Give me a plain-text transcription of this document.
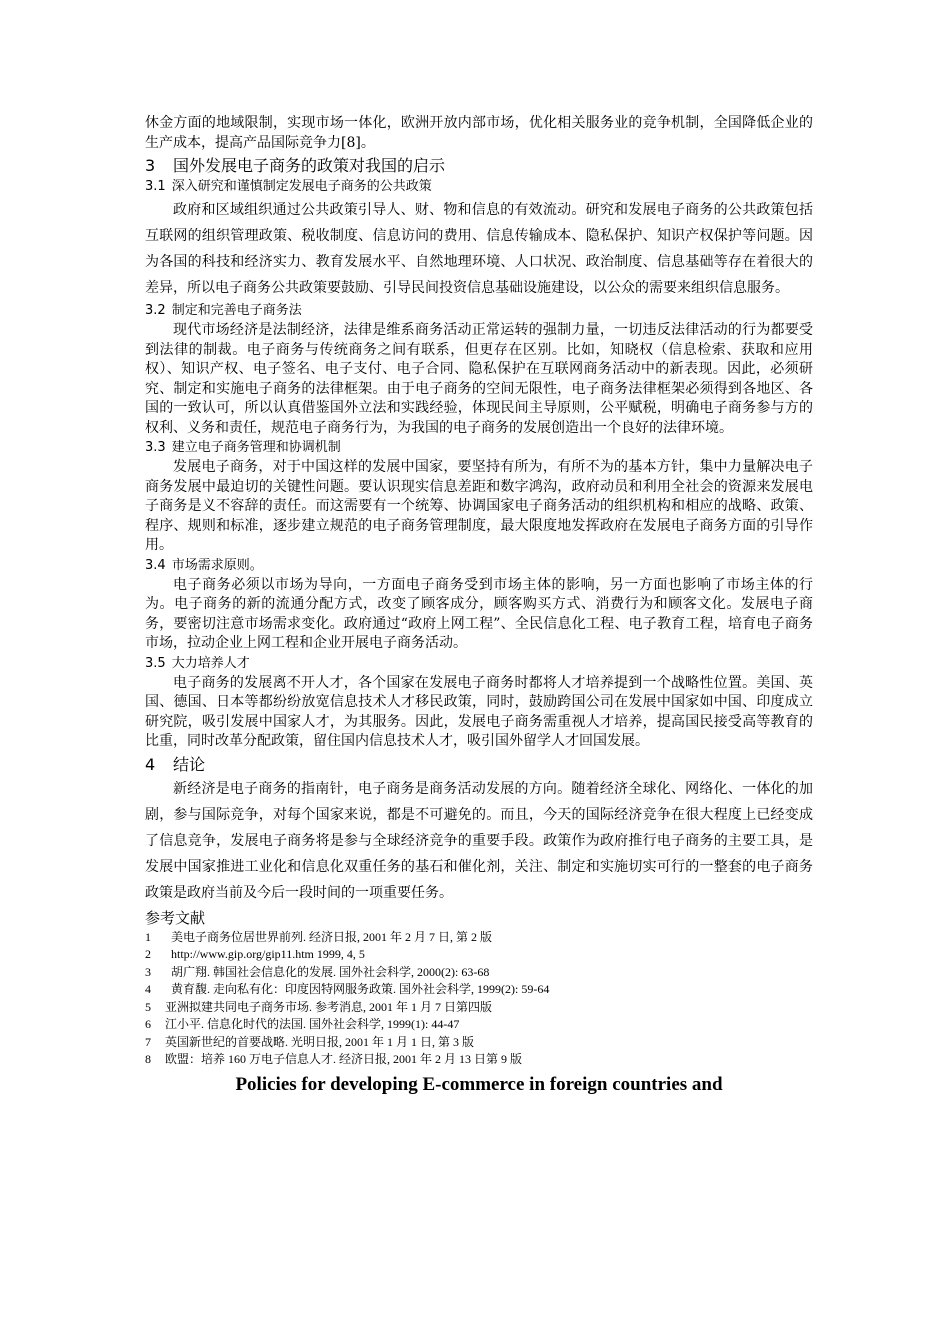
休金方面的地域限制，实现市场一体化，欧洲开放内部市场，优化相关服务业的竞争机制，全国降低企业的生产成本，提高产品国际竞争力[8]。

3 国外发展电子商务的政策对我国的启示
3.1 深入研究和谨慎制定发展电子商务的公共政策

政府和区域组织通过公共政策引导人、财、物和信息的有效流动。研究和发展电子商务的公共政策包括互联网的组织管理政策、税收制度、信息访问的费用、信息传输成本、隐私保护、知识产权保护等问题。因为各国的科技和经济实力、教育发展水平、自然地理环境、人口状况、政治制度、信息基础等存在着很大的差异，所以电子商务公共政策要鼓励、引导民间投资信息基础设施建设，以公众的需要来组织信息服务。

3.2 制定和完善电子商务法

现代市场经济是法制经济，法律是维系商务活动正常运转的强制力量，一切违反法律活动的行为都要受到法律的制裁。电子商务与传统商务之间有联系，但更存在区别。比如，知晓权（信息检索、获取和应用权）、知识产权、电子签名、电子支付、电子合同、隐私保护在互联网商务活动中的新表现。因此，必须研究、制定和实施电子商务的法律框架。由于电子商务的空间无限性，电子商务法律框架必须得到各地区、各国的一致认可，所以认真借鉴国外立法和实践经验，体现民间主导原则，公平赋税，明确电子商务参与方的权利、义务和责任，规范电子商务行为，为我国的电子商务的发展创造出一个良好的法律环境。

3.3 建立电子商务管理和协调机制

发展电子商务，对于中国这样的发展中国家，要坚持有所为，有所不为的基本方针，集中力量解决电子商务发展中最迫切的关键性问题。要认识现实信息差距和数字鸿沟，政府动员和利用全社会的资源来发展电子商务是义不容辞的责任。而这需要有一个统筹、协调国家电子商务活动的组织机构和相应的战略、政策、程序、规则和标准，逐步建立规范的电子商务管理制度，最大限度地发挥政府在发展电子商务方面的引导作用。

3.4 市场需求原则。

电子商务必须以市场为导向，一方面电子商务受到市场主体的影响，另一方面也影响了市场主体的行为。电子商务的新的流通分配方式，改变了顾客成分，顾客购买方式、消费行为和顾客文化。发展电子商务，要密切注意市场需求变化。政府通过“政府上网工程”、全民信息化工程、电子教育工程，培育电子商务市场，拉动企业上网工程和企业开展电子商务活动。

3.5 大力培养人才

电子商务的发展离不开人才，各个国家在发展电子商务时都将人才培养提到一个战略性位置。美国、英国、德国、日本等都纷纷放宽信息技术人才移民政策，同时，鼓励跨国公司在发展中国家如中国、印度成立研究院，吸引发展中国家人才，为其服务。因此，发展电子商务需重视人才培养，提高国民接受高等教育的比重，同时改革分配政策，留住国内信息技术人才，吸引国外留学人才回国发展。

4 结论

新经济是电子商务的指南针，电子商务是商务活动发展的方向。随着经济全球化、网络化、一体化的加剧，参与国际竞争，对每个国家来说，都是不可避免的。而且，今天的国际经济竞争在很大程度上已经变成了信息竞争，发展电子商务将是参与全球经济竞争的重要手段。政策作为政府推行电子商务的主要工具，是发展中国家推进工业化和信息化双重任务的基石和催化剂，关注、制定和实施切实可行的一整套的电子商务政策是政府当前及今后一段时间的一项重要任务。

参考文献
1	美电子商务位居世界前列. 经济日报, 2001 年 2 月 7 日, 第 2 版
2	http://www.gip.org/gip11.htm 1999, 4, 5
3	胡广翔. 韩国社会信息化的发展. 国外社会科学, 2000(2): 63-68
4	黄育馥. 走向私有化：印度因特网服务政策. 国外社会科学, 1999(2): 59-64
5	亚洲拟建共同电子商务市场. 参考消息, 2001 年 1 月 7 日第四版
6	江小平. 信息化时代的法国. 国外社会科学, 1999(1): 44-47
7	英国新世纪的首要战略. 光明日报, 2001 年 1 月 1 日, 第 3 版
8	欧盟：培养 160 万电子信息人才. 经济日报, 2001 年 2 月 13 日第 9 版
Policies for developing E-commerce in foreign countries and
